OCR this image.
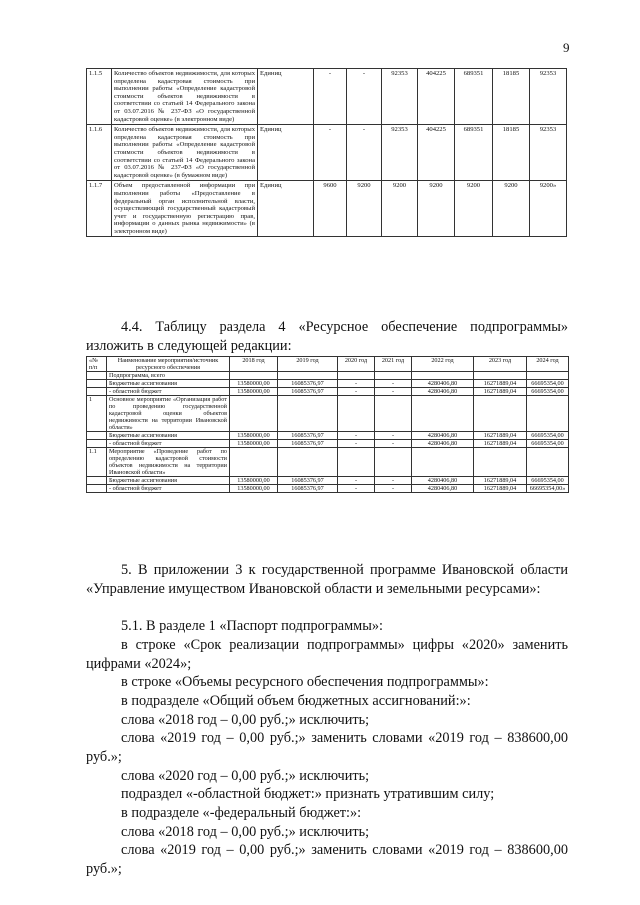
9
1.1.5	Количество объектов недвижимости, для которых определена кадастровая стоимость при выполнении работы «Определение кадастровой стоимости объектов недвижимости в соответствии со статьей 14 Федерального закона от 03.07.2016 № 237-ФЗ «О государственной кадастровой оценке» (в электронном виде)	Единиц	-	-	92353	404225	689351	18185	92353
1.1.6	Количество объектов недвижимости, для которых определена кадастровая стоимость при выполнении работы «Определение кадастровой стоимости объектов недвижимости в соответствии со статьей 14 Федерального закона от 03.07.2016 № 237-ФЗ «О государственной кадастровой оценке» (в бумажном виде)	Единиц	-	-	92353	404225	689351	18185	92353
1.1.7	Объем предоставленной информации при выполнении работы «Предоставление в федеральный орган исполнительной власти, осуществляющий государственный кадастровый учет и государственную регистрацию прав, информации о данных рынка недвижимости» (в электронном виде)	Единиц	9600	9200	9200	9200	9200	9200	9200»
4.4. Таблицу раздела 4 «Ресурсное обеспечение подпрограммы» изложить в следующей редакции:
«№ п/п	Наименование мероприятия/источник ресурсного обеспечения	2018 год	2019 год	2020 год	2021 год	2022 год	2023 год	2024 год
	Подпрограмма, всего							
	Бюджетные ассигнования	13580000,00	16085376,97	-	-	4280406,80	16271889,04	66695354,00
	- областной бюджет	13580000,00	16085376,97	-	-	4280406,80	16271889,04	66695354,00
1	Основное мероприятие «Организация работ по проведению государственной кадастровой оценки объектов недвижимости на территории Ивановской области»							
	Бюджетные ассигнования	13580000,00	16085376,97	-	-	4280406,80	16271889,04	66695354,00
	- областной бюджет	13580000,00	16085376,97	-	-	4280406,80	16271889,04	66695354,00
1.1	Мероприятие «Проведение работ по определению кадастровой стоимости объектов недвижимости на территории Ивановской области»							
	Бюджетные ассигнования	13580000,00	16085376,97	-	-	4280406,80	16271889,04	66695354,00
	- областной бюджет	13580000,00	16085376,97	-	-	4280406,80	16271889,04	66695354,00»
5. В приложении 3 к государственной программе Ивановской области «Управление имуществом Ивановской области и земельными ресурсами»:
5.1. В разделе 1 «Паспорт подпрограммы»:
в строке «Срок реализации подпрограммы» цифры «2020» заменить цифрами «2024»;
в строке «Объемы ресурсного обеспечения подпрограммы»:
в подразделе «Общий объем бюджетных ассигнований:»:
слова «2018 год – 0,00 руб.;» исключить;
слова «2019 год – 0,00 руб.;» заменить словами «2019 год – 838600,00 руб.»;
слова «2020 год – 0,00 руб.;» исключить;
подраздел «-областной бюджет:» признать утратившим силу;
в подразделе «-федеральный бюджет:»:
слова «2018 год – 0,00 руб.;» исключить;
слова «2019 год – 0,00 руб.;» заменить словами «2019 год – 838600,00 руб.»;
